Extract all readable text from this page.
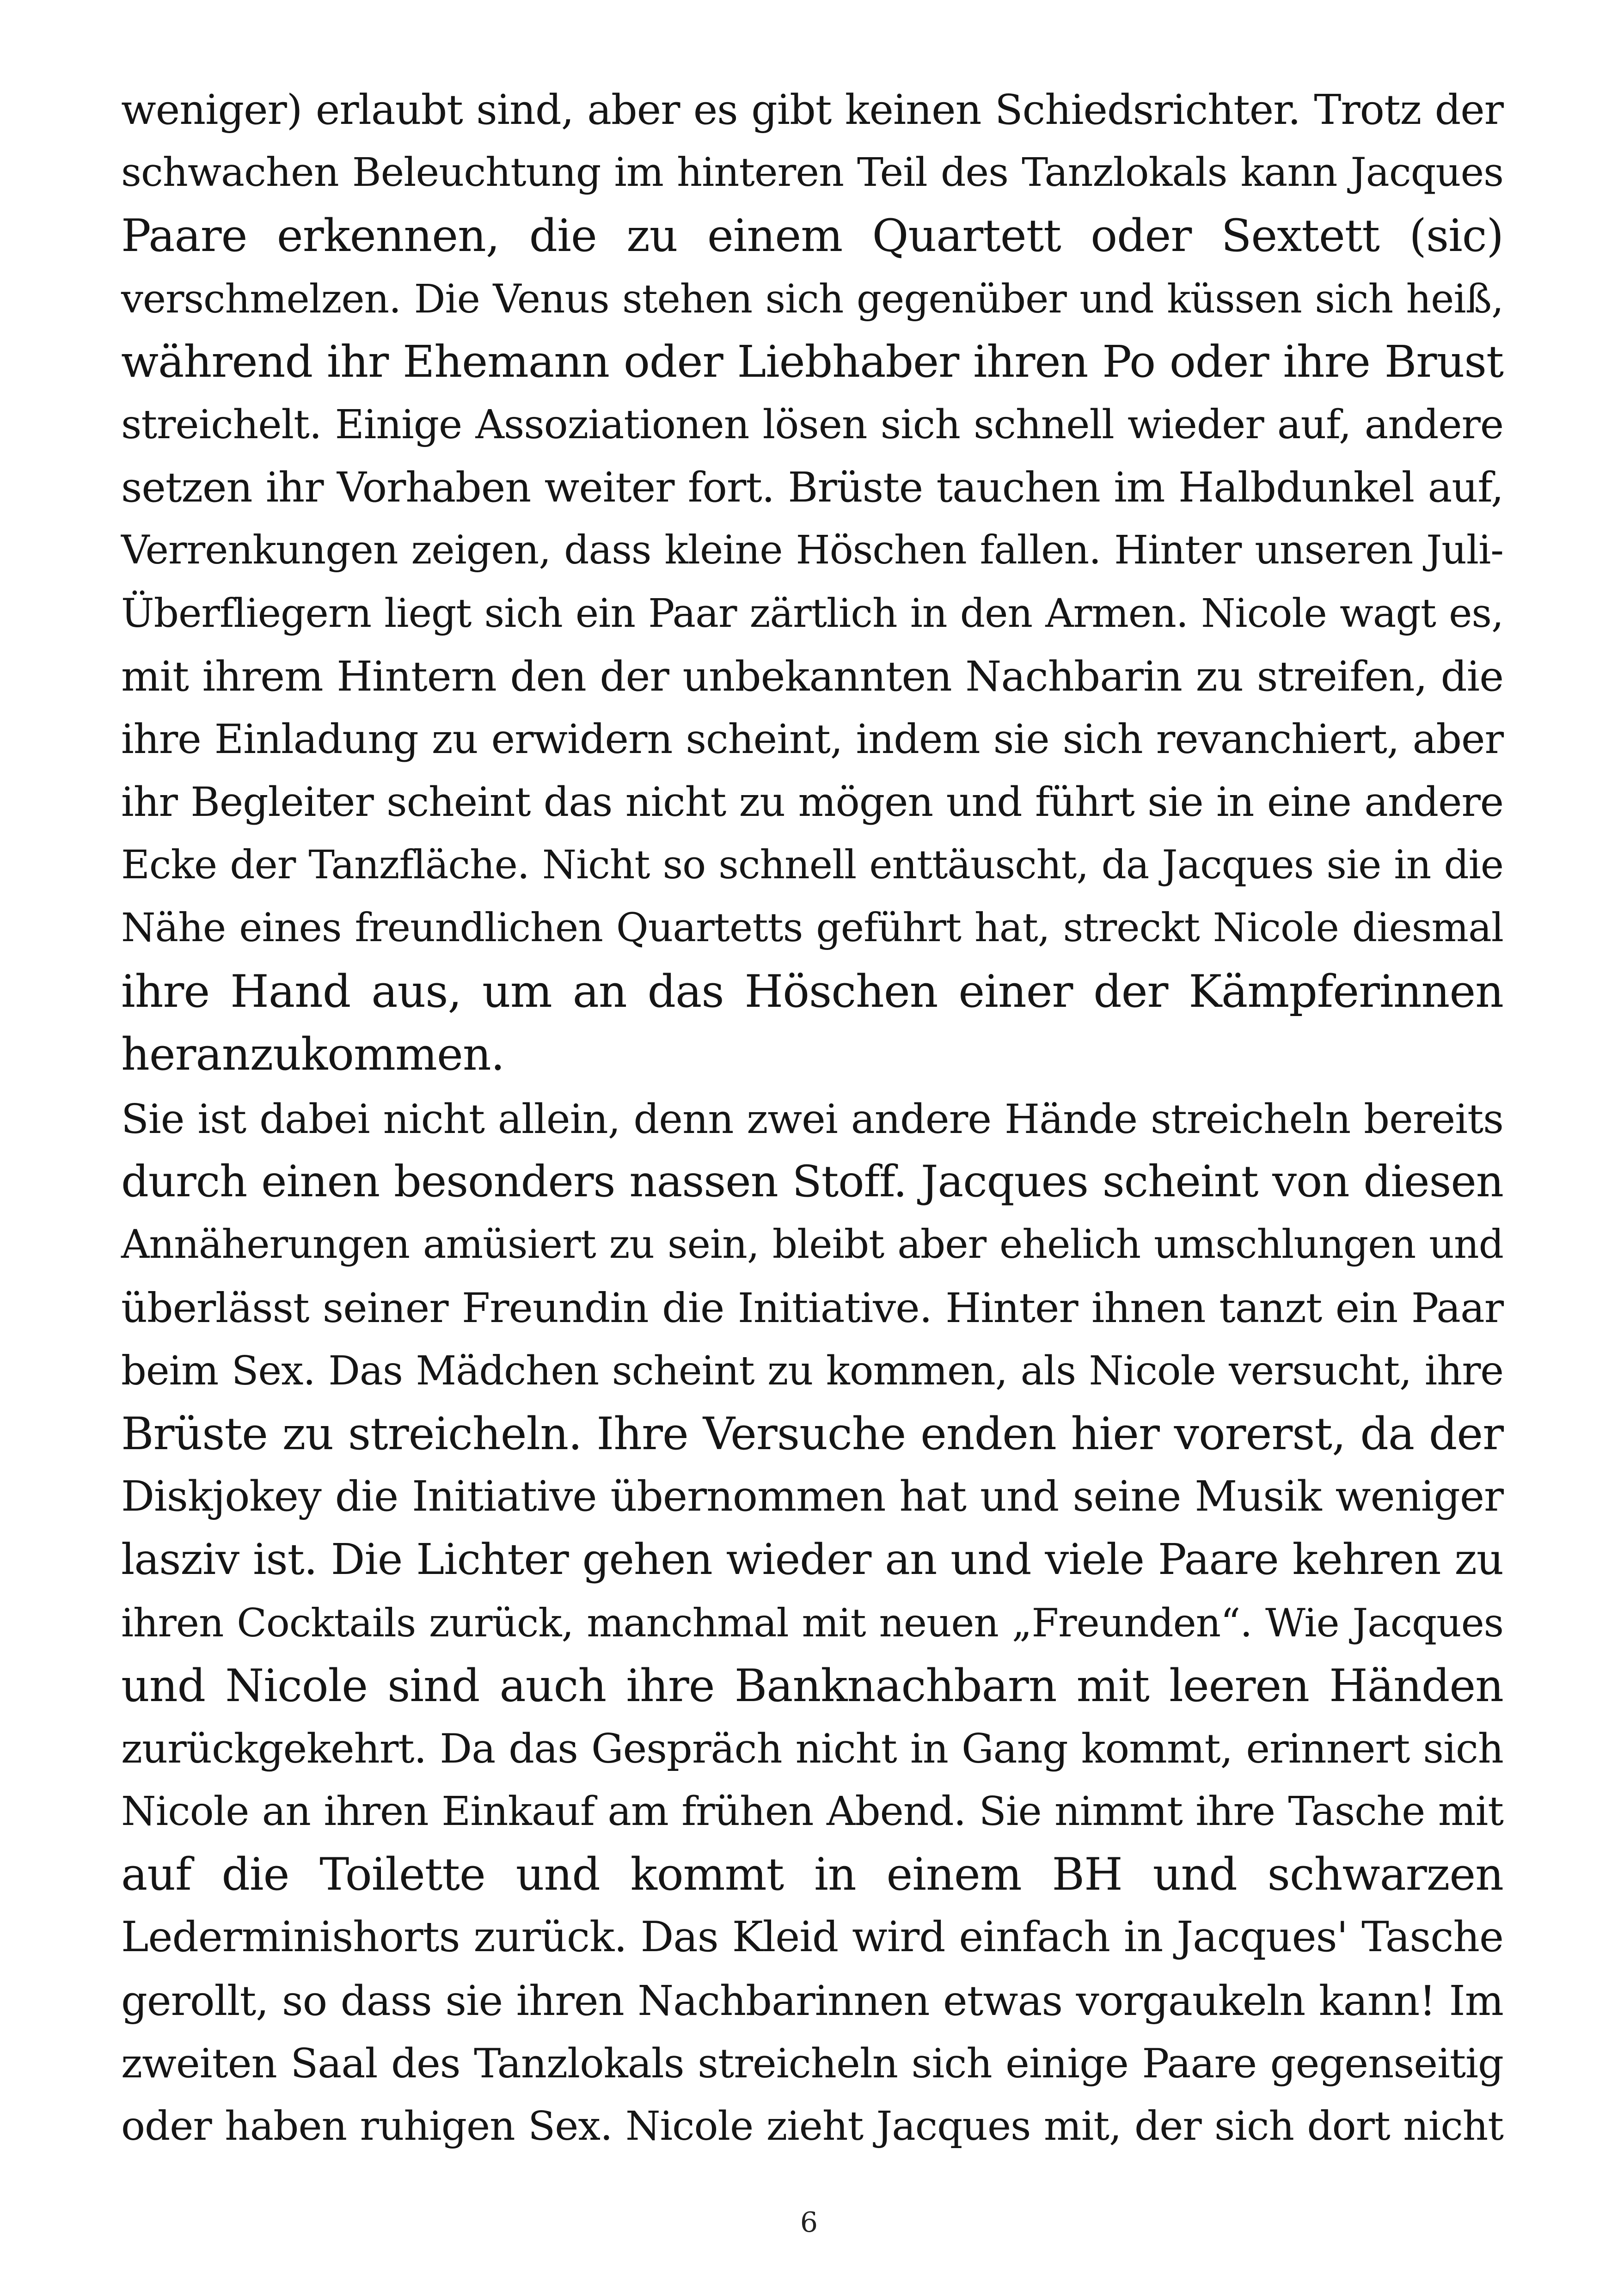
weniger) erlaubt sind, aber es gibt keinen Schiedsrichter. Trotz der
schwachen Beleuchtung im hinteren Teil des Tanzlokals kann Jacques
Paare erkennen, die zu einem Quartett oder Sextett (sic)
verschmelzen. Die Venus stehen sich gegenüber und küssen sich heiß,
während ihr Ehemann oder Liebhaber ihren Po oder ihre Brust
streichelt. Einige Assoziationen lösen sich schnell wieder auf, andere
setzen ihr Vorhaben weiter fort. Brüste tauchen im Halbdunkel auf,
Verrenkungen zeigen, dass kleine Höschen fallen. Hinter unseren Juli-
Überfliegern liegt sich ein Paar zärtlich in den Armen. Nicole wagt es,
mit ihrem Hintern den der unbekannten Nachbarin zu streifen, die
ihre Einladung zu erwidern scheint, indem sie sich revanchiert, aber
ihr Begleiter scheint das nicht zu mögen und führt sie in eine andere
Ecke der Tanzfläche. Nicht so schnell enttäuscht, da Jacques sie in die
Nähe eines freundlichen Quartetts geführt hat, streckt Nicole diesmal
ihre Hand aus, um an das Höschen einer der Kämpferinnen
heranzukommen.
Sie ist dabei nicht allein, denn zwei andere Hände streicheln bereits
durch einen besonders nassen Stoff. Jacques scheint von diesen
Annäherungen amüsiert zu sein, bleibt aber ehelich umschlungen und
überlässt seiner Freundin die Initiative. Hinter ihnen tanzt ein Paar
beim Sex. Das Mädchen scheint zu kommen, als Nicole versucht, ihre
Brüste zu streicheln. Ihre Versuche enden hier vorerst, da der
Diskjokey die Initiative übernommen hat und seine Musik weniger
lasziv ist. Die Lichter gehen wieder an und viele Paare kehren zu
ihren Cocktails zurück, manchmal mit neuen „Freunden“. Wie Jacques
und Nicole sind auch ihre Banknachbarn mit leeren Händen
zurückgekehrt. Da das Gespräch nicht in Gang kommt, erinnert sich
Nicole an ihren Einkauf am frühen Abend. Sie nimmt ihre Tasche mit
auf die Toilette und kommt in einem BH und schwarzen
Lederminishorts zurück. Das Kleid wird einfach in Jacques' Tasche
gerollt, so dass sie ihren Nachbarinnen etwas vorgaukeln kann! Im
zweiten Saal des Tanzlokals streicheln sich einige Paare gegenseitig
oder haben ruhigen Sex. Nicole zieht Jacques mit, der sich dort nicht
6
